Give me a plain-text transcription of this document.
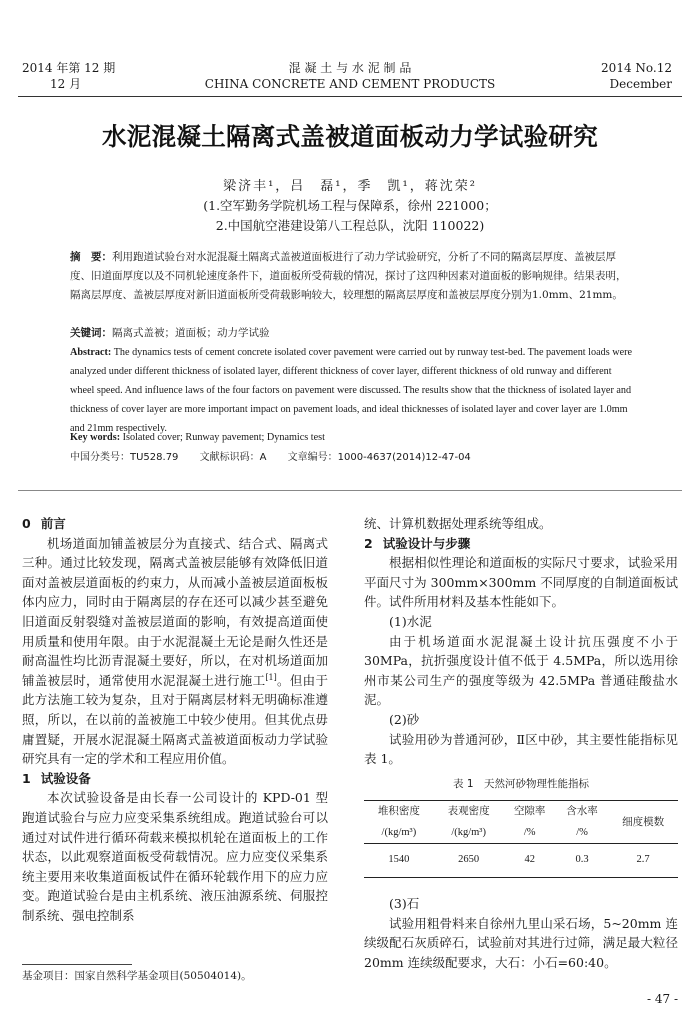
2014 年第 12 期
12 月
混 凝 土 与 水 泥 制 品
CHINA CONCRETE AND CEMENT PRODUCTS
2014 No.12
December
水泥混凝土隔离式盖被道面板动力学试验研究
梁济丰¹，吕　磊¹，季　凯¹，蒋沈荣²
(1.空军勤务学院机场工程与保障系，徐州 221000；
2.中国航空港建设第八工程总队，沈阳 110022)
摘　要：利用跑道试验台对水泥混凝土隔离式盖被道面板进行了动力学试验研究，分析了不同的隔离层厚度、盖被层厚度、旧道面厚度以及不同机轮速度条件下，道面板所受荷载的情况，探讨了这四种因素对道面板的影响规律。结果表明，隔离层厚度、盖被层厚度对新旧道面板所受荷载影响较大，较理想的隔离层厚度和盖被层厚度分别为1.0mm、21mm。
关键词：隔离式盖被；道面板；动力学试验
Abstract: The dynamics tests of cement concrete isolated cover pavement were carried out by runway test-bed. The pavement loads were analyzed under different thickness of isolated layer, different thickness of cover layer, different thickness of old runway and different wheel speed. And influence laws of the four factors on pavement were discussed. The results show that the thickness of isolated layer and thickness of cover layer are more important impact on pavement loads, and ideal thicknesses of isolated layer and cover layer are 1.0mm and 21mm respectively.
Key words: Isolated cover; Runway pavement; Dynamics test
中国分类号：TU528.79 文献标识码：A 文章编号：1000-4637(2014)12-47-04
0 前言

机场道面加铺盖被层分为直接式、结合式、隔离式三种。通过比较发现，隔离式盖被层能够有效降低旧道面对盖被层道面板的约束力，从而减小盖被层道面板板体内应力，同时由于隔离层的存在还可以减少甚至避免旧道面反射裂缝对盖被层道面的影响，有效提高道面使用质量和使用年限。由于水泥混凝土无论是耐久性还是耐高温性均比沥青混凝土要好，所以，在对机场道面加铺盖被层时，通常使用水泥混凝土进行施工[1]。但由于此方法施工较为复杂，且对于隔离层材料无明确标准遵照，所以，在以前的盖被施工中较少使用。但其优点毋庸置疑，开展水泥混凝土隔离式盖被道面板动力学试验研究具有一定的学术和工程应用价值。

1 试验设备

本次试验设备是由长春一公司设计的 KPD-01 型跑道试验台与应力应变采集系统组成。跑道试验台可以通过对试件进行循环荷载来模拟机轮在道面板上的工作状态，以此观察道面板受荷载情况。应力应变仪采集系统主要用来收集道面板试件在循环轮载作用下的应力应变。跑道试验台是由主机系统、液压油源系统、伺服控制系统、强电控制系

统、计算机数据处理系统等组成。

2 试验设计与步骤

根据相似性理论和道面板的实际尺寸要求，试验采用平面尺寸为 300mm×300mm 不同厚度的自制道面板试件。试件所用材料及基本性能如下。

(1)水泥

由于机场道面水泥混凝土设计抗压强度不小于 30MPa，抗折强度设计值不低于 4.5MPa，所以选用徐州市某公司生产的强度等级为 42.5MPa 普通硅酸盐水泥。

(2)砂

试验用砂为普通河砂，Ⅱ区中砂，其主要性能指标见表 1。

表 1　天然河砂物理性能指标
堆积密度	表观密度	空隙率	含水率	细度模数
/(kg/m³)	/(kg/m³)	/%	/%	
1540	2650	42	0.3	2.7
(3)石

试验用粗骨料来自徐州九里山采石场，5~20mm 连续级配石灰质碎石，试验前对其进行过筛，满足最大粒径 20mm 连续级配要求，大石：小石=60:40。

基金项目：国家自然科学基金项目(50504014)。
- 47 -
